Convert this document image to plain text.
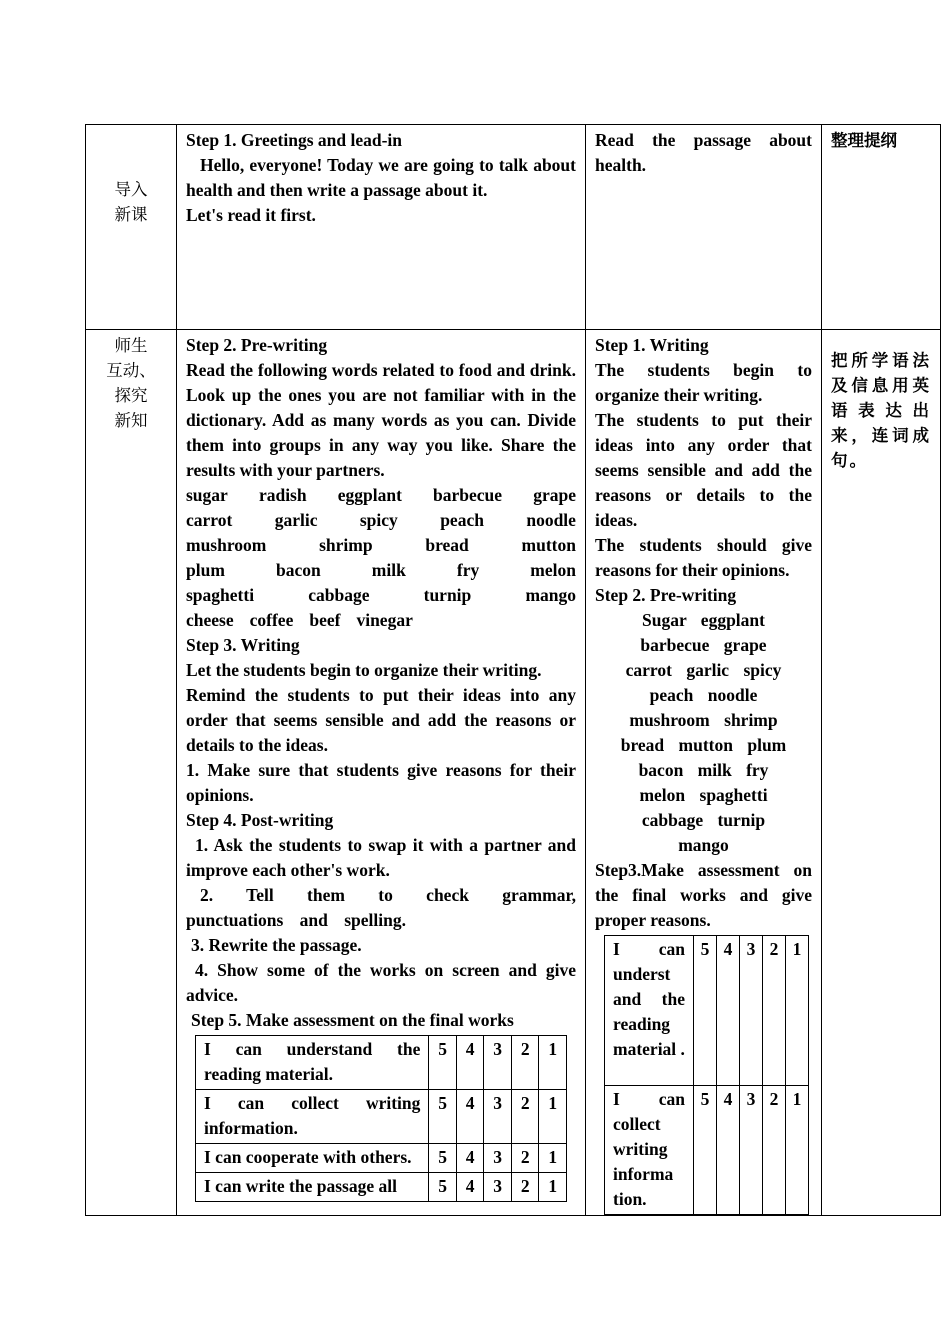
导入
新课

Step 1. Greetings and lead-in

Hello, everyone! Today we are going to talk about health and then write a passage about it.

Let's read it first.

Read the passage about health.

整理提纲

师生
互动、
探究
新知

Step 2. Pre-writing

Read the following words related to food and drink. Look up the ones you are not familiar with in the dictionary. Add as many words as you can. Divide them into groups in any way you like. Share the results with your partners.

sugar radish eggplant barbecue grape
carrot garlic spicy peach noodle
mushroom	shrimp	bread	mutton
plum	bacon	milk	fry	melon
spaghetti	cabbage	turnip	mango
cheese coffee beef vinegar

Step 3. Writing

Let the students begin to organize their writing.

Remind the students to put their ideas into any order that seems sensible and add the reasons or details to the ideas.

1. Make sure that students give reasons for their opinions.

Step 4. Post-writing

1. Ask the students to swap it with a partner and improve each other's work.

2. Tell them to check grammar, punctuations and spelling.

3. Rewrite the passage.

4. Show some of the works on screen and give advice.

Step 5. Make assessment on the final works

I can understand the reading material.	5	4	3	2	1
I can collect writing information.	5	4	3	2	1
I can cooperate with others.	5	4	3	2	1
I can write the passage all	5	4	3	2	1

Step 1. Writing

The students begin to organize their writing.

The students to put their ideas into any order that seems sensible and add the reasons or details to the ideas.

The students should give reasons for their opinions.

Step 2. Pre-writing

Sugar eggplant

barbecue grape

carrot garlic spicy

peach noodle

mushroom shrimp

bread mutton plum

bacon milk fry

melon spaghetti

cabbage turnip

mango

Step3.Make assessment on the final works and give proper reasons.

I can underst and the reading material .	5	4	3	2	1
I can collect writing informa tion.	5	4	3	2	1

把所学语法及信息用英语表达出来，连词成句。
